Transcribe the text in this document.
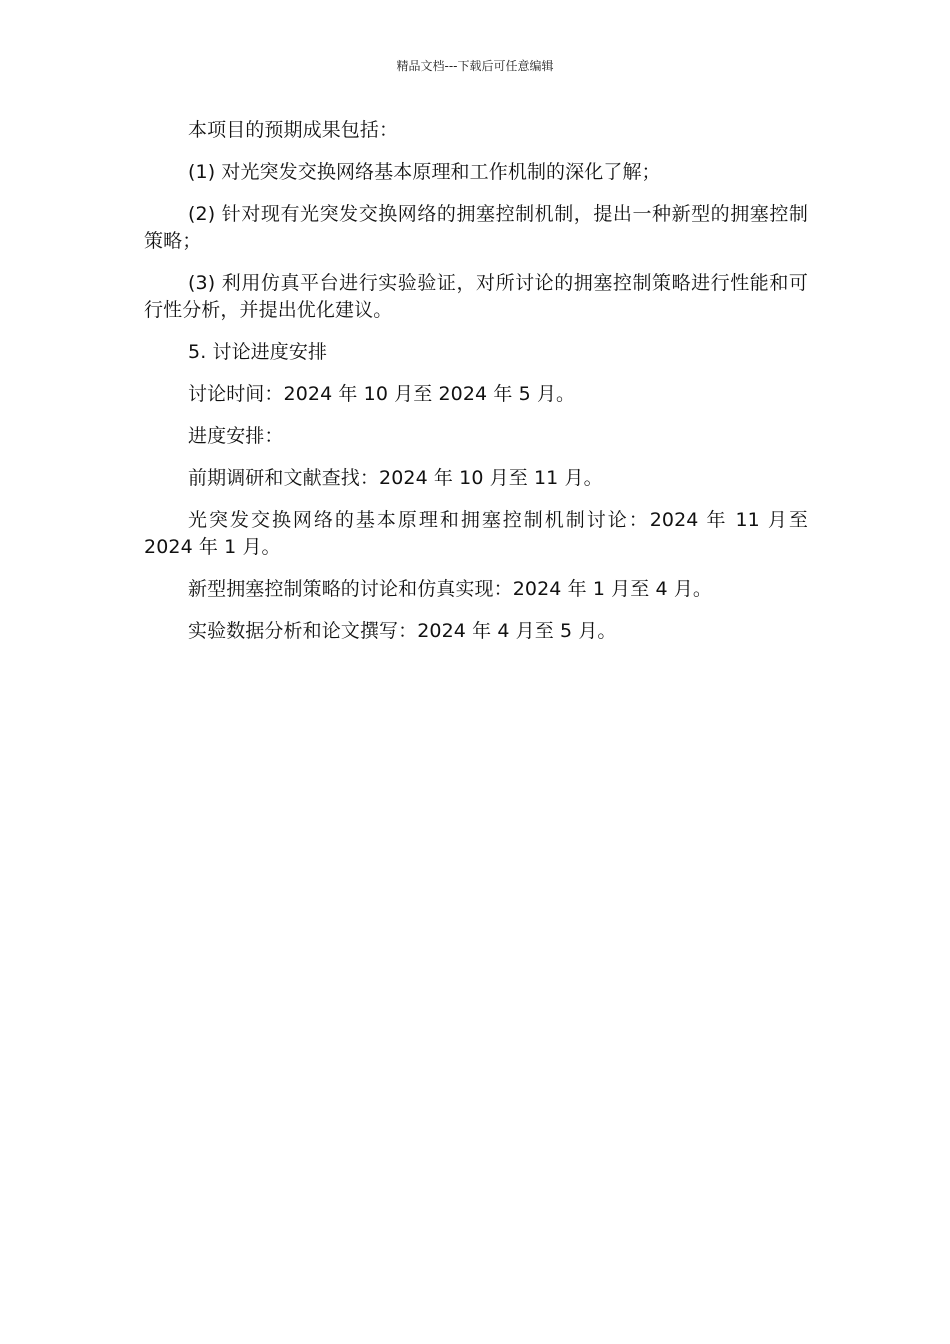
精品文档---下载后可任意编辑

本项目的预期成果包括：

(1) 对光突发交换网络基本原理和工作机制的深化了解；

(2) 针对现有光突发交换网络的拥塞控制机制，提出一种新型的拥塞控制策略；

(3) 利用仿真平台进行实验验证，对所讨论的拥塞控制策略进行性能和可行性分析，并提出优化建议。

5. 讨论进度安排

讨论时间：2024 年 10 月至 2024 年 5 月。

进度安排：

前期调研和文献查找：2024 年 10 月至 11 月。

光突发交换网络的基本原理和拥塞控制机制讨论：2024 年 11 月至 2024 年 1 月。

新型拥塞控制策略的讨论和仿真实现：2024 年 1 月至 4 月。

实验数据分析和论文撰写：2024 年 4 月至 5 月。
